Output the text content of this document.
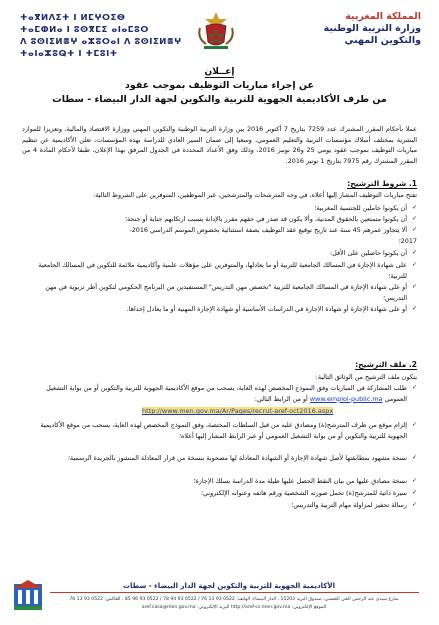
ⵜⴰⴳⵍⴷⵉⵜ ⵏ ⵍⵎⵖⵔⵉⴱ
ⵜⴰⵎⵀⵍⴰ ⵏ ⵓⵙⴳⵎⵉ ⴰⵏⴰⵎⵓⵔ
ⴷ ⵓⵙⵏⵉⵍⴻⵖ ⴰⵣⵓⵔⴰⵏ ⴷ ⵓⵙⵏⵉⵍⴻⵖ
ⵜⴰⵏⴰⵣⵓⵕⵜ ⵏ ⵜⵎⵓⵏⵜ
المملكة المغربية
وزارة التربية الوطنية
والتكوين المهني
إعــلان
عن إجراء مباريات التوظيف بموجب عقود
من طرف الأكاديمية الجهوية للتربية والتكوين لجهة الدار البيضاء - سطات
عملا بأحكام المقرر المشترك عدد 7259 بتاريخ 7 أكتوبر 2016 بين وزارة التربية الوطنية والتكوين المهني ووزارة الاقتصاد والمالية، وتعزيزا للموارد البشرية بمختلف أسلاك مؤسسات التربية والتعليم العمومي، وسعيا إلى ضمان السير العادي للدراسة بهذه المؤسسات، تعلن الأكاديمية عن تنظيم مباريات التوظيف بموجب عقود يومي 25 و26 نونبر 2016، وذلك وفق الأعداد المحددة في الجدول المرفق بهذا الإعلان، طبقا لأحكام المادة 4 من المقرر المشترك رقم 7975 بتاريخ 1 نونبر 2016.
1. شروط الترشيح:
تفتح مباريات التوظيف المشار إليها أعلاه، في وجه المترشحات والمترشحين، غير الموظفين، المتوفرين على الشروط التالية:
✓ أن يكونوا حاملين للجنسية المغربية؛
✓ أن يكونوا متمتعين بالحقوق المدنية، وألا يكون قد صدر في حقهم مقرر بالإدانة بسبب ارتكابهم جناية أو جنحة؛
✓ ألا يتجاوز عمرهم 45 سنة عند تاريخ توقيع عقد التوظيف بصفة استثنائية بخصوص الموسم الدراسي 2016-
2017؛
✓ أن يكونوا حاصلين على الأقل:
✓ على شهادة الإجازة في المسالك الجامعية للتربية أو ما يعادلها، والمتوفرين على مؤهلات علمية وأكاديمية ملائمة للتكوين في المسالك الجامعية للتربية؛
✓ أو على شهادة الإجازة في المسالك الجامعية للتربية "تخصص مهن التدريس" المستفيدين من البرنامج الحكومي لتكوين أطر تربوية في مهن التدريس؛
✓ أو على شهادة الإجازة أو شهادة الإجازة في الدراسات الأساسية أو شهادة الإجازة المهنية أو ما يعادل إحداها.
2. ملف الترشيح:
يتكون ملف الترشيح من الوثائق التالية:
✓ طلب المشاركة في المباريات وفق النموذج المخصص لهذه الغاية، يسحب من موقع الأكاديمية الجهوية للتربية والتكوين أو من بوابة التشغيل العمومي www.emploi-public.ma أو من الرابط التالي:
http://www.men.gov.ma/Ar/Pages/recrut-aref-oct2016.aspx
✓ إلزام موقع من طرف المترشح(ة) ومصادق عليه من قبل السلطات المختصة، وفق النموذج المخصص لهذه الغاية، يسحب من موقع الأكاديمية الجهوية للتربية والتكوين أو من بوابة التشغيل العمومي أو عبر الرابط المشار إليها أعلاه؛
✓ نسخة مشهود بمطابقتها لأصل شهادة الإجازة أو الشهادة المعادلة لها مصحوبة بنسخة من قرار المعادلة المنشور بالجريدة الرسمية؛
✓ نسخة مصادق عليها من بيان النقط الحصل عليها طيلة مدة الدراسة بسلك الإجازة؛
✓ سيرة ذاتية للمترشح(ة) تحمل صورته الشخصية ورقم هاتفه وعنوانه الإلكتروني؛
✓ رسالة تحفيز لمزاولة مهام التربية والتدريس؛
الأكاديمية الجهوية للتربية والتكوين لجهة الدار البيضاء - سطات
شارع سيدي عبد الرحمن الحي الحسني، صندوق البريد 15203 ، الدار البيضاء، الهاتف: 0522 93 13 76 / 0522 93 94 78 / 0522 93 96 85 ، الفاكس: 0522 93 13 76
الموقع الإلكتروني: http://aref-cs.men.gov.ma البريد الإلكتروني: aref.casa@men.gov.ma
